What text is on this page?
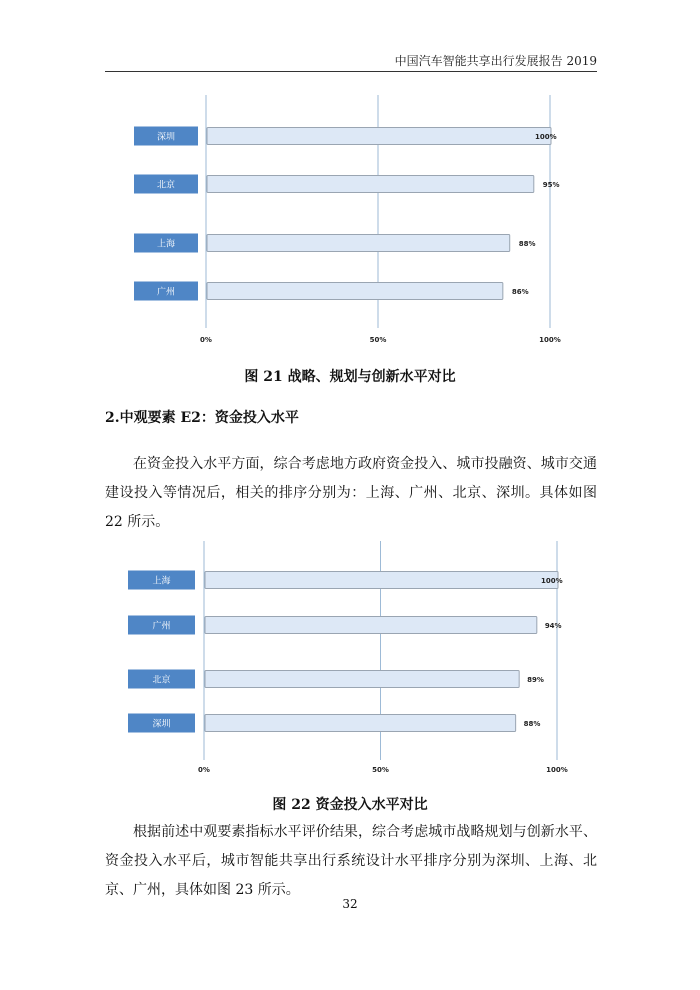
中国汽车智能共享出行发展报告 2019
深圳	100%
北京	95%
上海	88%
广州	86%
0%	50%	100%
图 21 战略、规划与创新水平对比
2.中观要素 E2：资金投入水平
在资金投入水平方面，综合考虑地方政府资金投入、城市投融资、城市交通建设投入等情况后，相关的排序分别为：上海、广州、北京、深圳。具体如图 22 所示。
上海	100%
广州	94%
北京	89%
深圳	88%
0%	50%	100%
图 22 资金投入水平对比
根据前述中观要素指标水平评价结果，综合考虑城市战略规划与创新水平、资金投入水平后，城市智能共享出行系统设计水平排序分别为深圳、上海、北京、广州，具体如图 23 所示。
32
